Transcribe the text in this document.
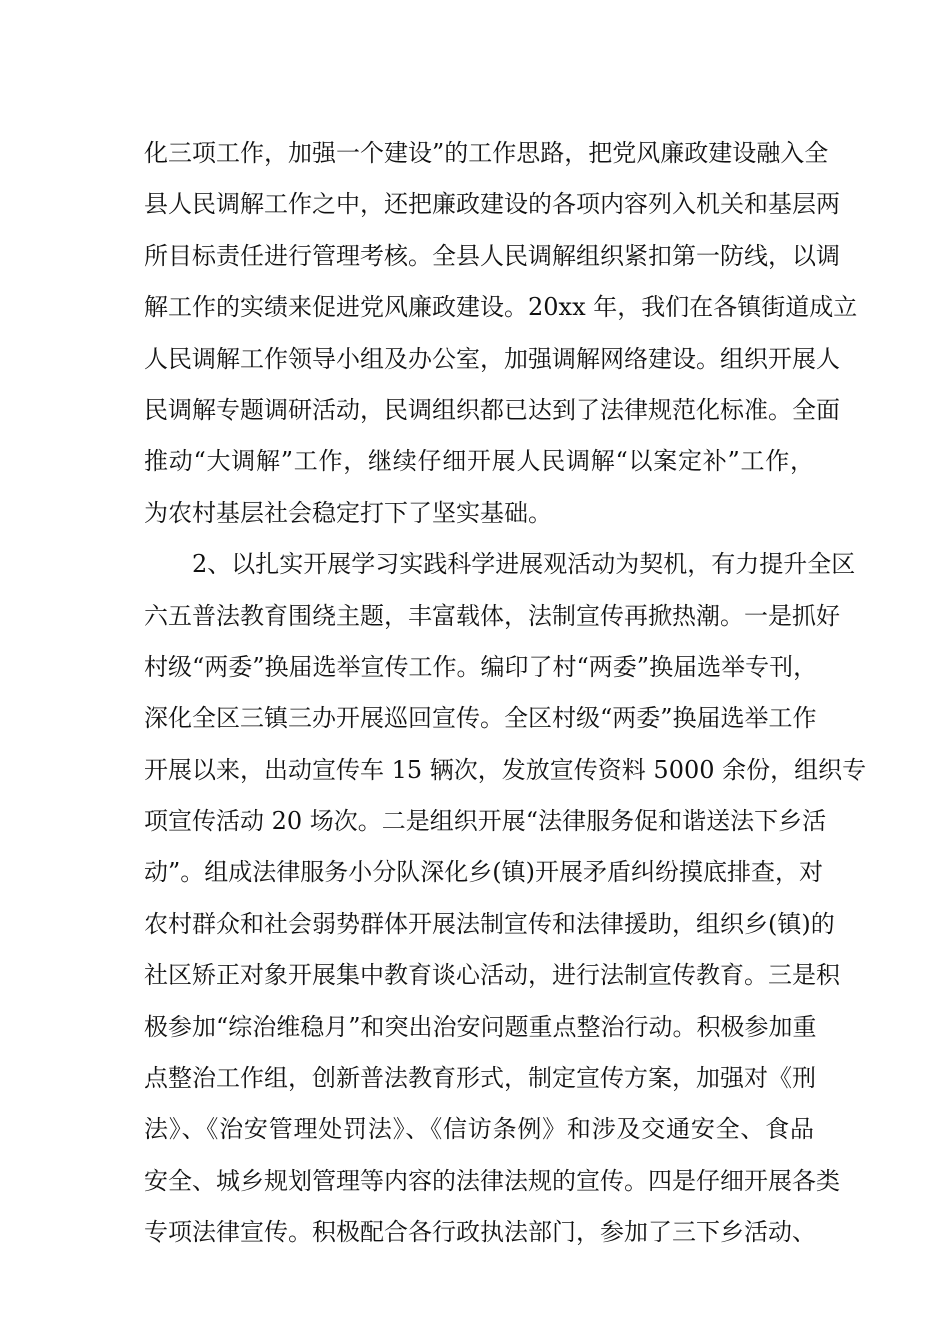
化三项工作，加强一个建设”的工作思路，把党风廉政建设融入全
县人民调解工作之中，还把廉政建设的各项内容列入机关和基层两
所目标责任进行管理考核。全县人民调解组织紧扣第一防线，以调
解工作的实绩来促进党风廉政建设。20xx 年，我们在各镇街道成立
人民调解工作领导小组及办公室，加强调解网络建设。组织开展人
民调解专题调研活动，民调组织都已达到了法律规范化标准。全面
推动“大调解”工作，继续仔细开展人民调解“以案定补”工作，
为农村基层社会稳定打下了坚实基础。
2、以扎实开展学习实践科学进展观活动为契机，有力提升全区
六五普法教育围绕主题，丰富载体，法制宣传再掀热潮。一是抓好
村级“两委”换届选举宣传工作。编印了村“两委”换届选举专刊，
深化全区三镇三办开展巡回宣传。全区村级“两委”换届选举工作
开展以来，出动宣传车 15 辆次，发放宣传资料 5000 余份，组织专
项宣传活动 20 场次。二是组织开展“法律服务促和谐送法下乡活
动”。组成法律服务小分队深化乡(镇)开展矛盾纠纷摸底排查，对
农村群众和社会弱势群体开展法制宣传和法律援助，组织乡(镇)的
社区矫正对象开展集中教育谈心活动，进行法制宣传教育。三是积
极参加“综治维稳月”和突出治安问题重点整治行动。积极参加重
点整治工作组，创新普法教育形式，制定宣传方案，加强对《刑
法》、《治安管理处罚法》、《信访条例》和涉及交通安全、食品
安全、城乡规划管理等内容的法律法规的宣传。四是仔细开展各类
专项法律宣传。积极配合各行政执法部门，参加了三下乡活动、
